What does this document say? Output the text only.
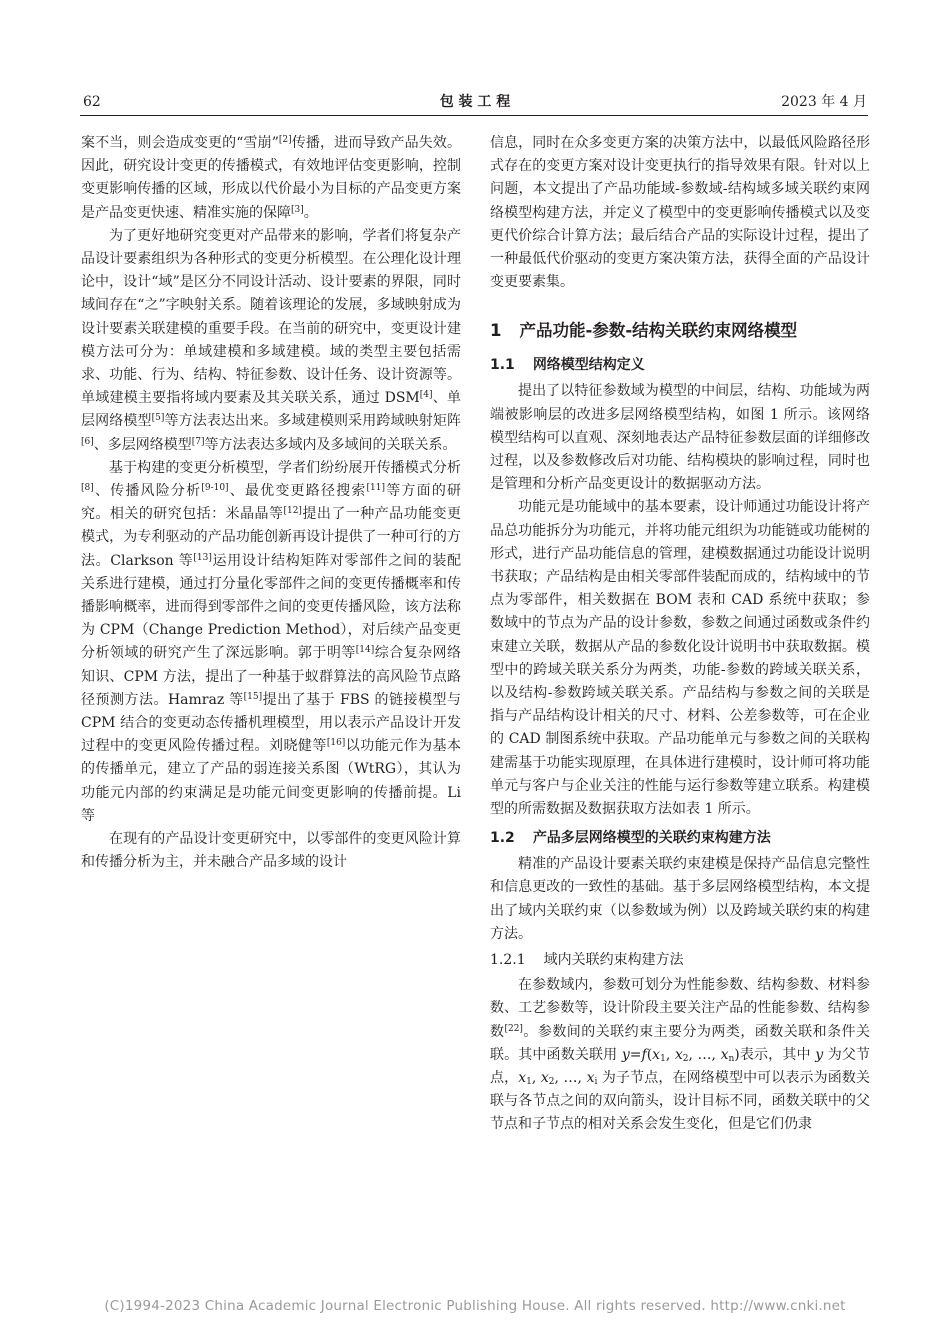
62	包 装 工 程	2023 年 4 月

案不当，则会造成变更的“雪崩”[2]传播，进而导致产品失效。因此，研究设计变更的传播模式，有效地评估变更影响，控制变更影响传播的区域，形成以代价最小为目标的产品变更方案是产品变更快速、精准实施的保障[3]。

为了更好地研究变更对产品带来的影响，学者们将复杂产品设计要素组织为各种形式的变更分析模型。在公理化设计理论中，设计“域”是区分不同设计活动、设计要素的界限，同时域间存在“之”字映射关系。随着该理论的发展，多域映射成为设计要素关联建模的重要手段。在当前的研究中，变更设计建模方法可分为：单域建模和多域建模。域的类型主要包括需求、功能、行为、结构、特征参数、设计任务、设计资源等。单域建模主要指将域内要素及其关联关系，通过 DSM[4]、单层网络模型[5]等方法表达出来。多域建模则采用跨域映射矩阵[6]、多层网络模型[7]等方法表达多域内及多域间的关联关系。

基于构建的变更分析模型，学者们纷纷展开传播模式分析[8]、传播风险分析[9-10]、最优变更路径搜索[11]等方面的研究。相关的研究包括：米晶晶等[12]提出了一种产品功能变更模式，为专利驱动的产品功能创新再设计提供了一种可行的方法。Clarkson 等[13]运用设计结构矩阵对零部件之间的装配关系进行建模，通过打分量化零部件之间的变更传播概率和传播影响概率，进而得到零部件之间的变更传播风险，该方法称为 CPM（Change Prediction Method），对后续产品变更分析领域的研究产生了深远影响。郭于明等[14]综合复杂网络知识、CPM 方法，提出了一种基于蚁群算法的高风险节点路径预测方法。Hamraz 等[15]提出了基于 FBS 的链接模型与 CPM 结合的变更动态传播机理模型，用以表示产品设计开发过程中的变更风险传播过程。刘晓健等[16]以功能元作为基本的传播单元，建立了产品的弱连接关系图（WtRG），其认为功能元内部的约束满足是功能元间变更影响的传播前提。Li 等

在现有的产品设计变更研究中，以零部件的变更风险计算和传播分析为主，并未融合产品多域的设计

信息，同时在众多变更方案的决策方法中，以最低风险路径形式存在的变更方案对设计变更执行的指导效果有限。针对以上问题，本文提出了产品功能域-参数域-结构域多域关联约束网络模型构建方法，并定义了模型中的变更影响传播模式以及变更代价综合计算方法；最后结合产品的实际设计过程，提出了一种最低代价驱动的变更方案决策方法，获得全面的产品设计变更要素集。

1 产品功能-参数-结构关联约束网络模型
1.1 网络模型结构定义

提出了以特征参数域为模型的中间层，结构、功能域为两端被影响层的改进多层网络模型结构，如图 1 所示。该网络模型结构可以直观、深刻地表达产品特征参数层面的详细修改过程，以及参数修改后对功能、结构模块的影响过程，同时也是管理和分析产品变更设计的数据驱动方法。

功能元是功能域中的基本要素，设计师通过功能设计将产品总功能拆分为功能元，并将功能元组织为功能链或功能树的形式，进行产品功能信息的管理，建模数据通过功能设计说明书获取；产品结构是由相关零部件装配而成的，结构域中的节点为零部件，相关数据在 BOM 表和 CAD 系统中获取；参数域中的节点为产品的设计参数，参数之间通过函数或条件约束建立关联，数据从产品的参数化设计说明书中获取数据。模型中的跨域关联关系分为两类，功能-参数的跨域关联关系，以及结构-参数跨域关联关系。产品结构与参数之间的关联是指与产品结构设计相关的尺寸、材料、公差参数等，可在企业的 CAD 制图系统中获取。产品功能单元与参数之间的关联构建需基于功能实现原理，在具体进行建模时，设计师可将功能单元与客户与企业关注的性能与运行参数等建立联系。构建模型的所需数据及数据获取方法如表 1 所示。

1.2 产品多层网络模型的关联约束构建方法

精准的产品设计要素关联约束建模是保持产品信息完整性和信息更改的一致性的基础。基于多层网络模型结构，本文提出了域内关联约束（以参数域为例）以及跨域关联约束的构建方法。

1.2.1 域内关联约束构建方法

在参数域内，参数可划分为性能参数、结构参数、材料参数、工艺参数等，设计阶段主要关注产品的性能参数、结构参数[22]。参数间的关联约束主要分为两类，函数关联和条件关联。其中函数关联用 $y=f(x_1$, $x_2$, …, $x_n$)表示，其中 y 为父节点，$x_1$, $x_2$, …, $x_i$ 为子节点，在网络模型中可以表示为函数关联与各节点之间的双向箭头，设计目标不同，函数关联中的父节点和子节点的相对关系会发生变化，但是它们仍隶

(C)1994-2023 China Academic Journal Electronic Publishing House. All rights reserved. http://www.cnki.net
